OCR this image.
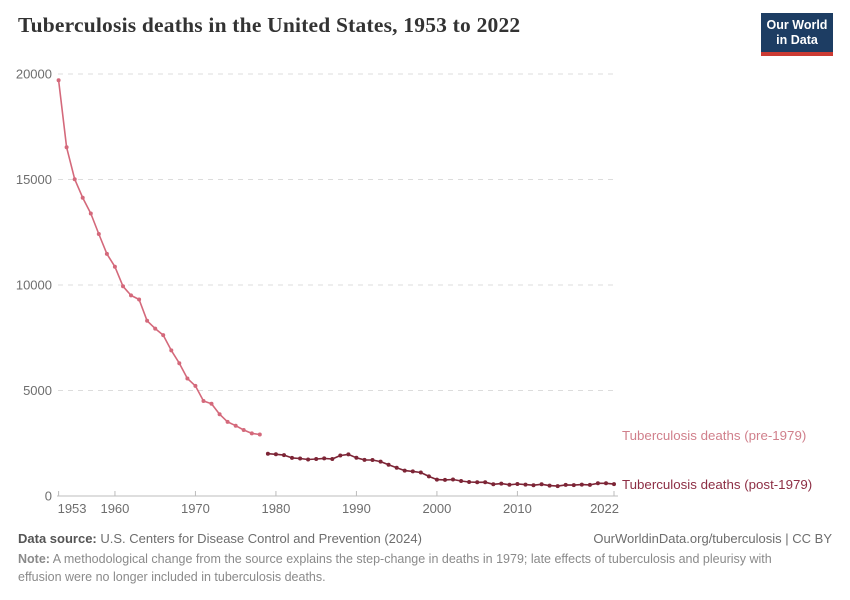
Tuberculosis deaths in the United States, 1953 to 2022	Our World
in Data
0
5000
10000
15000
20000
1953 1960	1970	1980	1990	2000	2010	2022
Tuberculosis deaths (pre-1979)
Tuberculosis deaths (post-1979)
Data source: U.S. Centers for Disease Control and Prevention (2024)	OurWorldinData.org/tuberculosis | CC BY
Note: A methodological change from the source explains the step-change in deaths in 1979; late effects of tuberculosis and pleurisy with effusion were no longer included in tuberculosis deaths.
